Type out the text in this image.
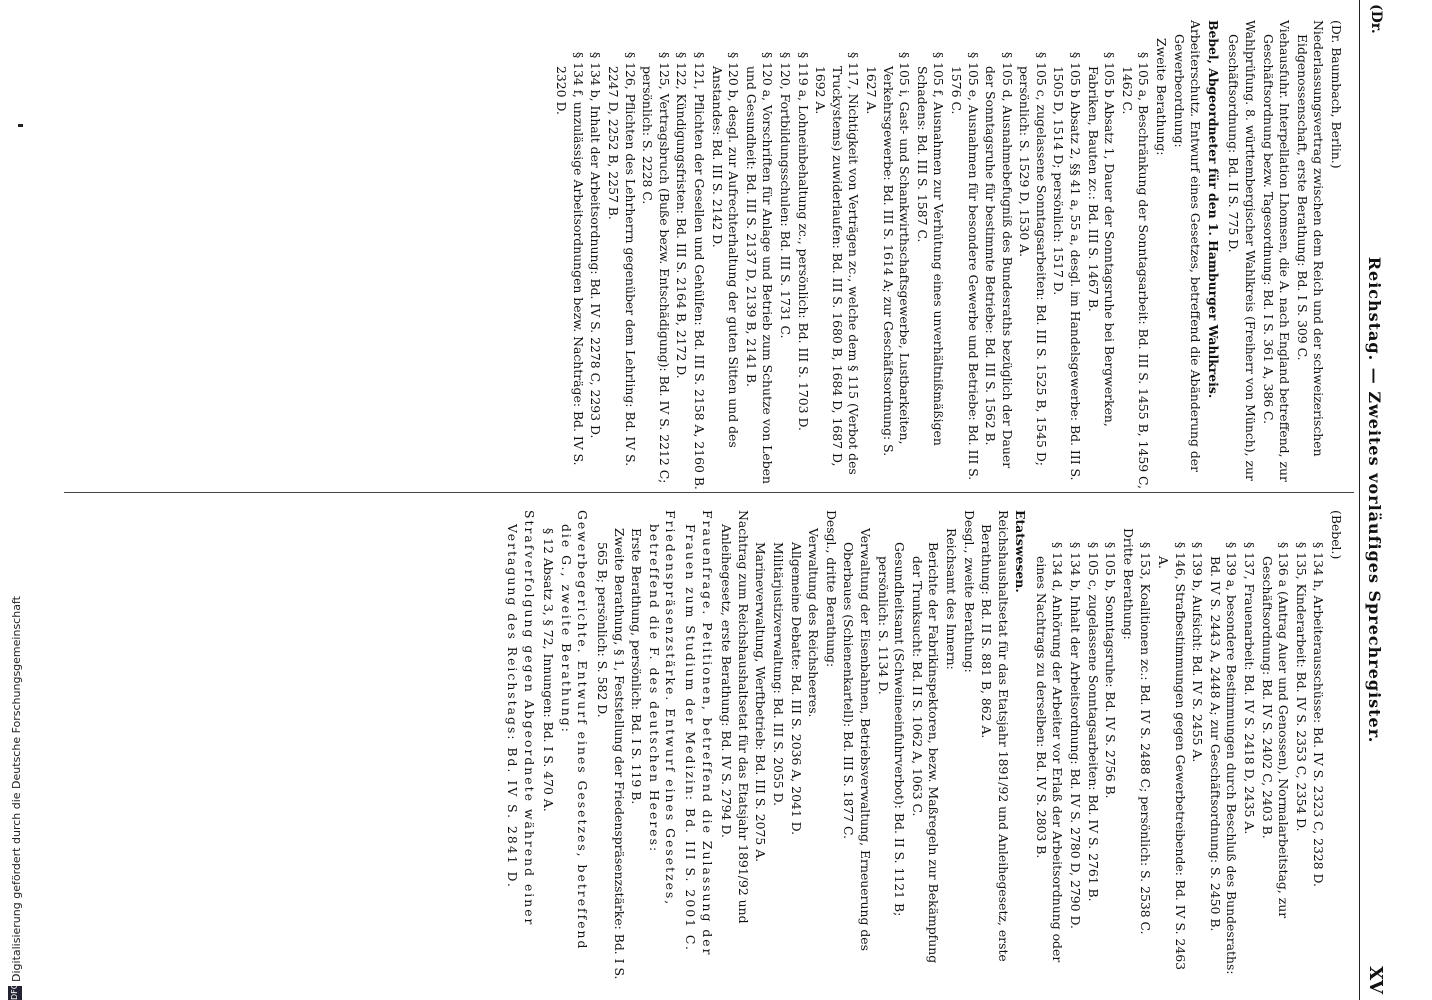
(Dr.
Reichstag. — Zweites vorläufiges Sprechregister.
XV
(Dr. Baumbach, Berlin.)
Niederlassungsvertrag zwischen dem Reich und der schweizerischen Eidgenossenschaft, erste Berathung: Bd. I S. 309 C.
Viehausfuhr. Interpellation Lhomsen, die A. nach England betreffend, zur Geschäftsordnung bezw. Tagesordnung: Bd. I S. 361 A, 386 C.
Wahlprüfung. 8. württembergischer Wahlkreis (Freiherr von Münch), zur Geschäftsordnung: Bd. II S. 775 D.
Bebel, Abgeordneter für den 1. Hamburger Wahlkreis.
Arbeiterschutz. Entwurf eines Gesetzes, betreffend die Abänderung der Gewerbeordnung:
Zweite Berathung:
§ 105 a, Beschränkung der Sonntagsarbeit: Bd. III S. 1455 B, 1459 C, 1462 C.
§ 105 b Absatz 1, Dauer der Sonntagsruhe bei Bergwerken, Fabriken, Bauten zc.: Bd. III S. 1467 B.
§ 105 b Absatz 2, §§ 41 a, 55 a, desgl. im Handelsgewerbe: Bd. III S. 1505 D, 1514 D; persönlich: 1517 D.
§ 105 c, zugelassene Sonntagsarbeiten: Bd. III S. 1525 B, 1545 D; persönlich: S. 1529 D, 1530 A.
§ 105 d, Ausnahmebefugniß des Bundesraths bezüglich der Dauer der Sonntagsruhe für bestimmte Betriebe: Bd. III S. 1562 B.
§ 105 e, Ausnahmen für besondere Gewerbe und Betriebe: Bd. III S. 1576 C.
§ 105 f, Ausnahmen zur Verhütung eines unverhältnißmäßigen Schadens: Bd. III S. 1587 C.
§ 105 i, Gast- und Schankwirthschaftsgewerbe, Lustbarkeiten, Verkehrsgewerbe: Bd. III S. 1614 A; zur Geschäftsordnung: S. 1627 A.
§ 117, Nichtigkeit von Verträgen zc., welche dem § 115 (Verbot des Truckystems) zuwiderlaufen: Bd. III S. 1680 B, 1684 D, 1687 D, 1692 A.
§ 119 a, Lohneinbehaltung zc., persönlich: Bd. III S. 1703 D.
§ 120, Fortbildungsschulen: Bd. III S. 1731 C.
§ 120 a, Vorschriften für Anlage und Betrieb zum Schutze von Leben und Gesundheit: Bd. III S. 2137 D, 2139 B, 2141 B.
§ 120 b, desgl. zur Aufrechterhaltung der guten Sitten und des Anstandes: Bd. III S. 2142 D.
§ 121, Pflichten der Gesellen und Gehülfen: Bd. III S. 2158 A, 2160 B.
§ 122, Kündigungsfristen: Bd. III S. 2164 B, 2172 D.
§ 125, Vertragsbruch (Buße bezw. Entschädigung): Bd. IV S. 2212 C; persönlich: S. 2228 C.
§ 126, Pflichten des Lehrherrn gegenüber dem Lehrling: Bd. IV S. 2247 D, 2252 B, 2257 B.
§ 134 b, Inhalt der Arbeitsordnung: Bd. IV S. 2278 C, 2293 D.
§ 134 f, unzulässige Arbeitsordnungen bezw. Nachträge: Bd. IV S. 2320 D.
(Bebel.)
§ 134 h, Arbeiterausschüsse: Bd. IV S. 2323 C, 2328 D.
§ 135, Kinderarbeit: Bd. IV S. 2353 C, 2354 D.
§ 136 a (Antrag Auer und Genossen), Normalarbeitstag, zur Geschäftsordnung: Bd. IV S. 2402 C, 2403 B.
§ 137, Frauenarbeit: Bd. IV S. 2418 D, 2435 A.
§ 139 a, besondere Bestimmungen durch Beschluß des Bundesraths: Bd. IV S. 2443 A, 2448 A; zur Geschäftsordnung: S. 2450 B.
§ 139 b, Aufsicht: Bd. IV S. 2455 A.
§ 146, Strafbestimmungen gegen Gewerbetreibende: Bd. IV S. 2463 A.
§ 153, Koalitionen zc.: Bd. IV S. 2488 C; persönlich: S. 2538 C.
Dritte Berathung:
§ 105 b, Sonntagsruhe: Bd. IV S. 2756 B.
§ 105 c, zugelassene Sonntagsarbeiten: Bd. IV S. 2761 B.
§ 134 b, Inhalt der Arbeitsordnung: Bd. IV S. 2780 D, 2790 D.
§ 134 d, Anhörung der Arbeiter vor Erlaß der Arbeitsordnung oder eines Nachtrags zu derselben: Bd. IV S. 2803 B.
Etatswesen.
Reichshaushaltsetat für das Etatsjahr 1891/92 und Anleihegesetz, erste Berathung: Bd. II S. 881 B, 862 A.
Desgl., zweite Berathung:
Reichsamt des Innern:
Berichte der Fabrikinspektoren, bezw. Maßregeln zur Bekämpfung der Trunksucht: Bd. II S. 1062 A, 1063 C.
Gesundheitsamt (Schweineeinfuhrverbot): Bd. II S. 1121 B; persönlich: S. 1134 D.
Verwaltung der Eisenbahnen, Betriebsverwaltung, Erneuerung des Oberbaues (Schienenkartell): Bd. III S. 1877 C.
Desgl., dritte Berathung:
Verwaltung des Reichsheeres.
Allgemeine Debatte: Bd. III S. 2036 A, 2041 D.
Militärjustizverwaltung: Bd. III S. 2055 D.
Marineverwaltung, Werftbetrieb: Bd. III S. 2075 A.
Nachtrag zum Reichshaushaltsetat für das Etatsjahr 1891/92 und Anleihegesetz, erste Berathung: Bd. IV S. 2794 D.
Frauenfrage. Petitionen, betreffend die Zulassung der Frauen zum Studium der Medizin: Bd. III S. 2001 C.
Friedenspräsenzstärke. Entwurf eines Gesetzes, betreffend die F. des deutschen Heeres:
Erste Berathung, persönlich: Bd. I S. 119 B.
Zweite Berathung, § 1, Feststellung der Friedenspräsenzstärke: Bd. I S. 565 B; persönlich: S. 582 D.
Gewerbegerichte. Entwurf eines Gesetzes, betreffend die G., zweite Berathung:
§ 12 Absatz 3, § 72, Innungen: Bd. I S. 470 A.
Strafverfolgung gegen Abgeordnete während einer Vertagung des Reichstags: Bd. IV S. 2841 D.
DFG
Digitalisierung gefördert durch die Deutsche Forschungsgemeinschaft
